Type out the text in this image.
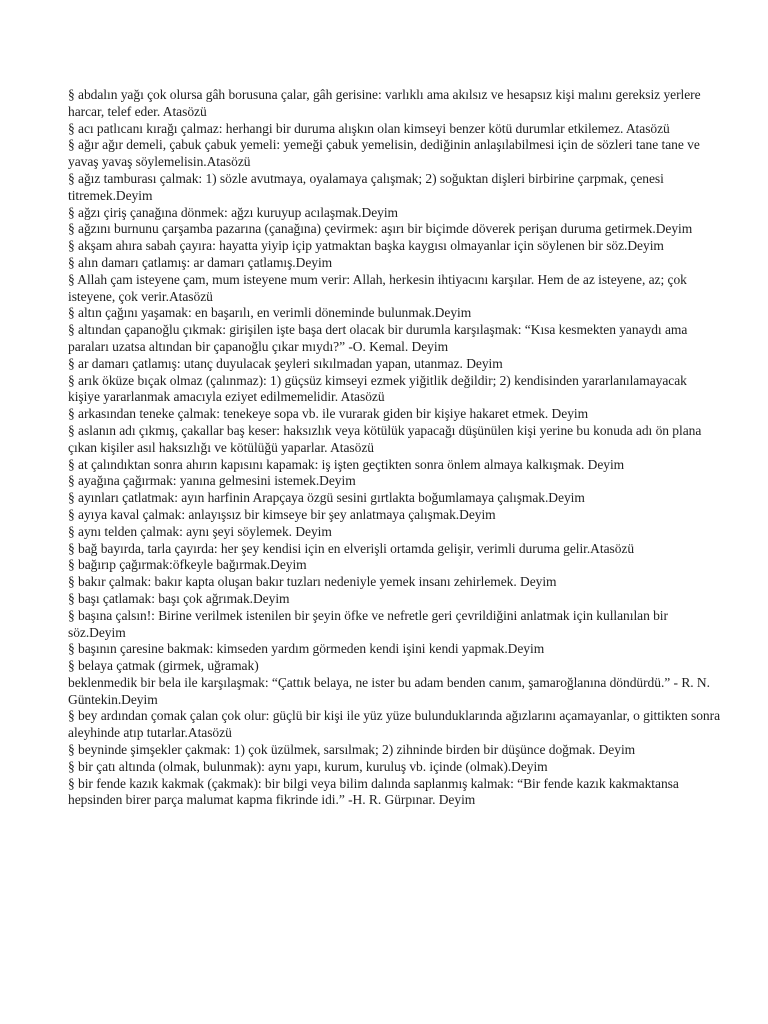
§ abdalın yağı çok olursa gâh borusuna çalar, gâh gerisine: varlıklı ama akılsız ve hesapsız kişi malını gereksiz yerlere harcar, telef eder. Atasözü

§ acı patlıcanı kırağı çalmaz: herhangi bir duruma alışkın olan kimseyi benzer kötü durumlar etkilemez. Atasözü

§ ağır ağır demeli, çabuk çabuk yemeli: yemeği çabuk yemelisin, dediğinin anlaşılabilmesi için de sözleri tane tane ve yavaş yavaş söylemelisin.Atasözü

§ ağız tamburası çalmak: 1) sözle avutmaya, oyalamaya çalışmak; 2) soğuktan dişleri birbirine çarpmak, çenesi titremek.Deyim

§ ağzı çiriş çanağına dönmek: ağzı kuruyup acılaşmak.Deyim

§ ağzını burnunu çarşamba pazarına (çanağına) çevirmek: aşırı bir biçimde döverek perişan duruma getirmek.Deyim

§ akşam ahıra sabah çayıra: hayatta yiyip içip yatmaktan başka kaygısı olmayanlar için söylenen bir söz.Deyim

§ alın damarı çatlamış: ar damarı çatlamış.Deyim

§ Allah çam isteyene çam, mum isteyene mum verir: Allah, herkesin ihtiyacını karşılar. Hem de az isteyene, az; çok isteyene, çok verir.Atasözü

§ altın çağını yaşamak: en başarılı, en verimli döneminde bulunmak.Deyim

§ altından çapanoğlu çıkmak: girişilen işte başa dert olacak bir durumla karşılaşmak: “Kısa kesmekten yanaydı ama paraları uzatsa altından bir çapanoğlu çıkar mıydı?” -O. Kemal. Deyim

§ ar damarı çatlamış: utanç duyulacak şeyleri sıkılmadan yapan, utanmaz. Deyim

§ arık öküze bıçak olmaz (çalınmaz): 1) güçsüz kimseyi ezmek yiğitlik değildir; 2) kendisinden yararlanılamayacak kişiye yararlanmak amacıyla eziyet edilmemelidir. Atasözü

§ arkasından teneke çalmak: tenekeye sopa vb. ile vurarak giden bir kişiye hakaret etmek. Deyim

§ aslanın adı çıkmış, çakallar baş keser: haksızlık veya kötülük yapacağı düşünülen kişi yerine bu konuda adı ön plana çıkan kişiler asıl haksızlığı ve kötülüğü yaparlar. Atasözü

§ at çalındıktan sonra ahırın kapısını kapamak: iş işten geçtikten sonra önlem almaya kalkışmak. Deyim

§ ayağına çağırmak: yanına gelmesini istemek.Deyim

§ ayınları çatlatmak: ayın harfinin Arapçaya özgü sesini gırtlakta boğumlamaya çalışmak.Deyim

§ ayıya kaval çalmak: anlayışsız bir kimseye bir şey anlatmaya çalışmak.Deyim

§ aynı telden çalmak: aynı şeyi söylemek. Deyim

§ bağ bayırda, tarla çayırda: her şey kendisi için en elverişli ortamda gelişir, verimli duruma gelir.Atasözü

§ bağırıp çağırmak:öfkeyle bağırmak.Deyim

§ bakır çalmak: bakır kapta oluşan bakır tuzları nedeniyle yemek insanı zehirlemek. Deyim

§ başı çatlamak: başı çok ağrımak.Deyim

§ başına çalsın!: Birine verilmek istenilen bir şeyin öfke ve nefretle geri çevrildiğini anlatmak için kullanılan bir söz.Deyim

§ başının çaresine bakmak: kimseden yardım görmeden kendi işini kendi yapmak.Deyim

§ belaya çatmak (girmek, uğramak)

beklenmedik bir bela ile karşılaşmak: “Çattık belaya, ne ister bu adam benden canım, şamaroğlanına döndürdü.” - R. N. Güntekin.Deyim

§ bey ardından çomak çalan çok olur: güçlü bir kişi ile yüz yüze bulunduklarında ağızlarını açamayanlar, o gittikten sonra aleyhinde atıp tutarlar.Atasözü

§ beyninde şimşekler çakmak: 1) çok üzülmek, sarsılmak; 2) zihninde birden bir düşünce doğmak. Deyim

§ bir çatı altında (olmak, bulunmak): aynı yapı, kurum, kuruluş vb. içinde (olmak).Deyim

§ bir fende kazık kakmak (çakmak): bir bilgi veya bilim dalında saplanmış kalmak: “Bir fende kazık kakmaktansa hepsinden birer parça malumat kapma fikrinde idi.” -H. R. Gürpınar. Deyim
